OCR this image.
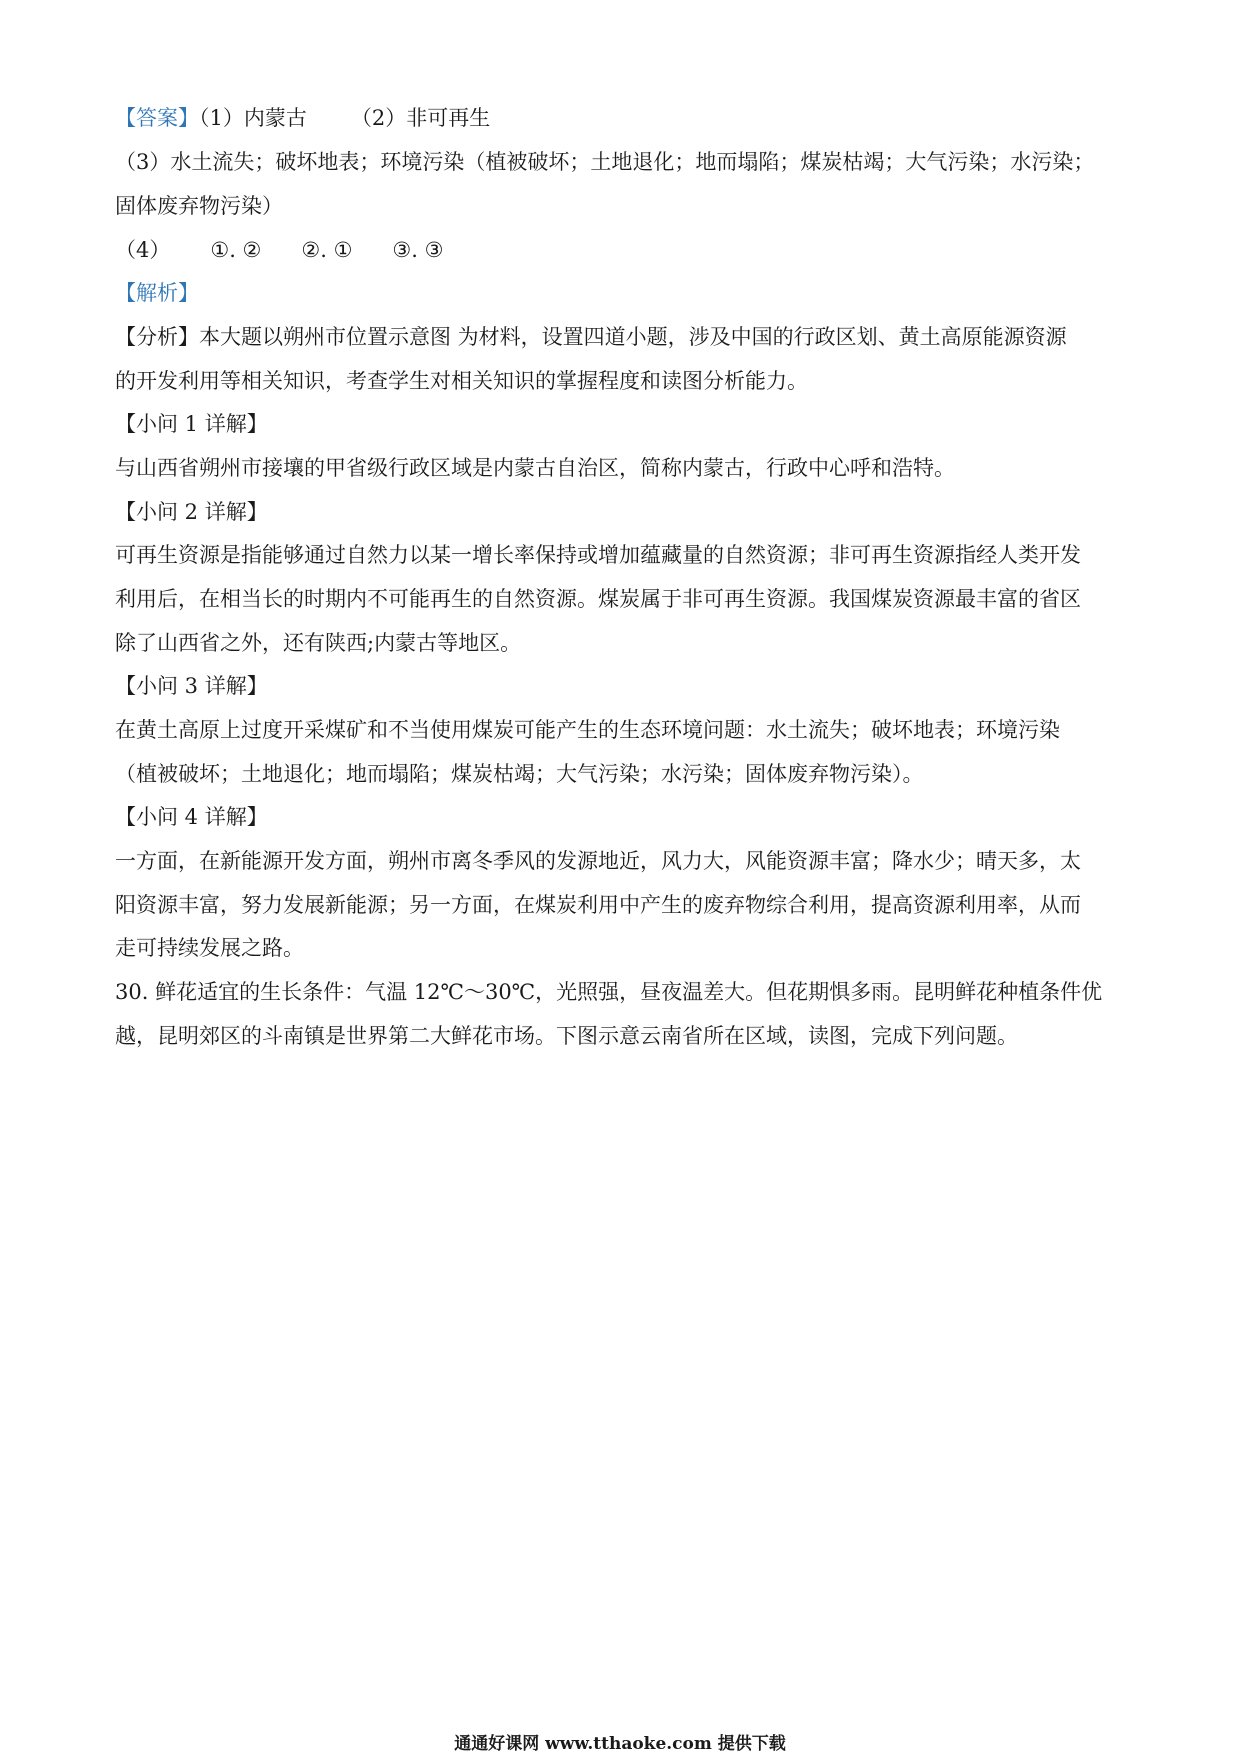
【答案】（1）内蒙古 （2）非可再生
（3）水土流失；破坏地表；环境污染（植被破坏；土地退化；地而塌陷；煤炭枯竭；大气污染；水污染；
固体废弃物污染）
（4） ①. ② ②. ① ③. ③
【解析】
【分析】本大题以朔州市位置示意图 为材料，设置四道小题，涉及中国的行政区划、黄土高原能源资源
的开发利用等相关知识，考查学生对相关知识的掌握程度和读图分析能力。
【小问 1 详解】
与山西省朔州市接壤的甲省级行政区域是内蒙古自治区，简称内蒙古，行政中心呼和浩特。
【小问 2 详解】
可再生资源是指能够通过自然力以某一增长率保持或增加蕴藏量的自然资源；非可再生资源指经人类开发
利用后，在相当长的时期内不可能再生的自然资源。煤炭属于非可再生资源。我国煤炭资源最丰富的省区
除了山西省之外，还有陕西;内蒙古等地区。
【小问 3 详解】
在黄土高原上过度开采煤矿和不当使用煤炭可能产生的生态环境问题：水土流失；破坏地表；环境污染
（植被破坏；土地退化；地而塌陷；煤炭枯竭；大气污染；水污染；固体废弃物污染）。
【小问 4 详解】
一方面，在新能源开发方面，朔州市离冬季风的发源地近，风力大，风能资源丰富；降水少；晴天多，太
阳资源丰富，努力发展新能源；另一方面，在煤炭利用中产生的废弃物综合利用，提高资源利用率，从而
走可持续发展之路。
30. 鲜花适宜的生长条件：气温 12℃～30℃，光照强，昼夜温差大。但花期惧多雨。昆明鲜花种植条件优
越，昆明郊区的斗南镇是世界第二大鲜花市场。下图示意云南省所在区域，读图，完成下列问题。
通通好课网 www.tthaoke.com 提供下载
